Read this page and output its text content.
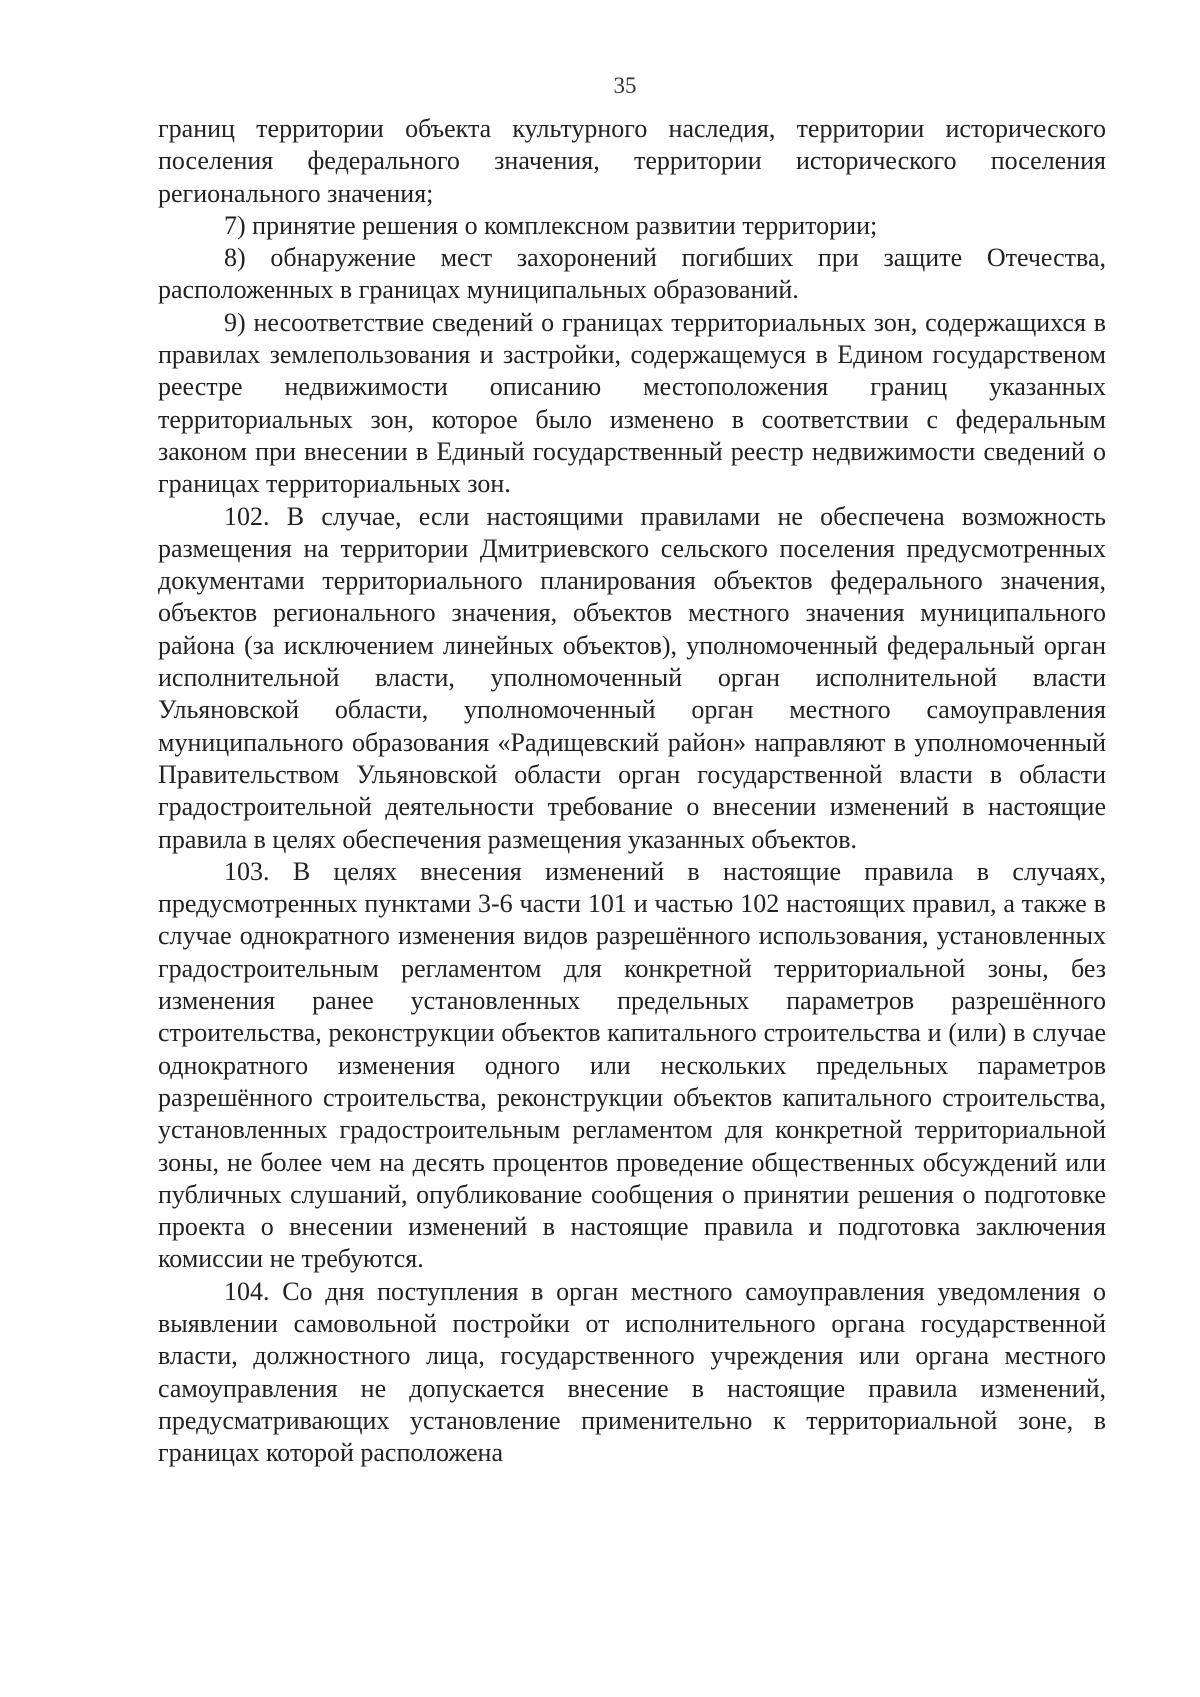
35

границ территории объекта культурного наследия, территории исторического поселения федерального значения, территории исторического поселения регионального значения;

7) принятие решения о комплексном развитии территории;

8) обнаружение мест захоронений погибших при защите Отечества, расположенных в границах муниципальных образований.

9) несоответствие сведений о границах территориальных зон, содержащихся в правилах землепользования и застройки, содержащемуся в Едином государственом реестре недвижимости описанию местоположения границ указанных территориальных зон, которое было изменено в соответствии с федеральным законом при внесении в Единый государственный реестр недвижимости сведений о границах территориальных зон.

102. В случае, если настоящими правилами не обеспечена возможность размещения на территории Дмитриевского сельского поселения предусмотренных документами территориального планирования объектов федерального значения, объектов регионального значения, объектов местного значения муниципального района (за исключением линейных объектов), уполномоченный федеральный орган исполнительной власти, уполномоченный орган исполнительной власти Ульяновской области, уполномоченный орган местного самоуправления муниципального образования «Радищевский район» направляют в уполномоченный Правительством Ульяновской области орган государственной власти в области градостроительной деятельности требование о внесении изменений в настоящие правила в целях обеспечения размещения указанных объектов.

103. В целях внесения изменений в настоящие правила в случаях, предусмотренных пунктами 3-6 части 101 и частью 102 настоящих правил, а также в случае однократного изменения видов разрешённого использования, установленных градостроительным регламентом для конкретной территориальной зоны, без изменения ранее установленных предельных параметров разрешённого строительства, реконструкции объектов капитального строительства и (или) в случае однократного изменения одного или нескольких предельных параметров разрешённого строительства, реконструкции объектов капитального строительства, установленных градостроительным регламентом для конкретной территориальной зоны, не более чем на десять процентов проведение общественных обсуждений или публичных слушаний, опубликование сообщения о принятии решения о подготовке проекта о внесении изменений в настоящие правила и подготовка заключения комиссии не требуются.

104. Со дня поступления в орган местного самоуправления уведомления о выявлении самовольной постройки от исполнительного органа государственной власти, должностного лица, государственного учреждения или органа местного самоуправления не допускается внесение в настоящие правила изменений, предусматривающих установление применительно к территориальной зоне, в границах которой расположена
